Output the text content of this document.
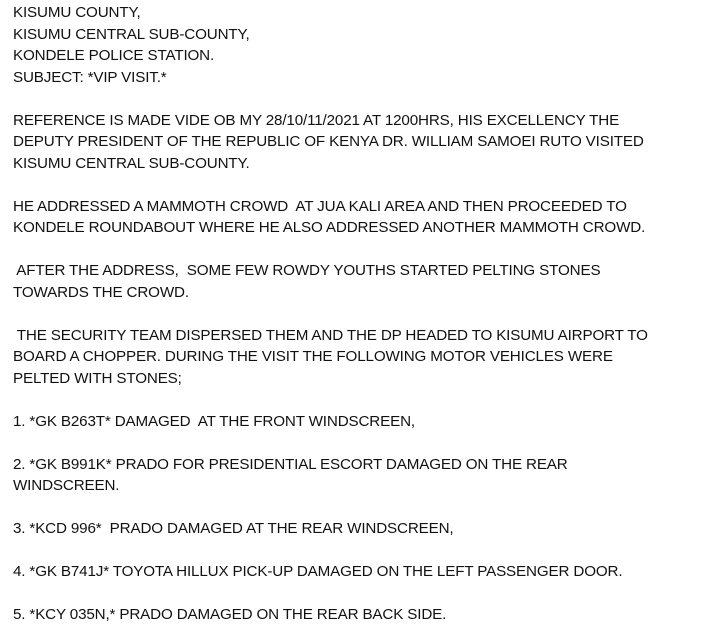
KISUMU COUNTY,
KISUMU CENTRAL SUB-COUNTY,
KONDELE POLICE STATION.
SUBJECT: *VIP VISIT.*
REFERENCE IS MADE VIDE OB MY 28/10/11/2021 AT 1200HRS, HIS EXCELLENCY THE
DEPUTY PRESIDENT OF THE REPUBLIC OF KENYA DR. WILLIAM SAMOEI RUTO VISITED
KISUMU CENTRAL SUB-COUNTY.
HE ADDRESSED A MAMMOTH CROWD  AT JUA KALI AREA AND THEN PROCEEDED TO
KONDELE ROUNDABOUT WHERE HE ALSO ADDRESSED ANOTHER MAMMOTH CROWD.
AFTER THE ADDRESS,  SOME FEW ROWDY YOUTHS STARTED PELTING STONES
TOWARDS THE CROWD.
THE SECURITY TEAM DISPERSED THEM AND THE DP HEADED TO KISUMU AIRPORT TO
BOARD A CHOPPER. DURING THE VISIT THE FOLLOWING MOTOR VEHICLES WERE
PELTED WITH STONES;
1. *GK B263T* DAMAGED  AT THE FRONT WINDSCREEN,
2. *GK B991K* PRADO FOR PRESIDENTIAL ESCORT DAMAGED ON THE REAR
WINDSCREEN.
3. *KCD 996*  PRADO DAMAGED AT THE REAR WINDSCREEN,
4. *GK B741J* TOYOTA HILLUX PICK-UP DAMAGED ON THE LEFT PASSENGER DOOR.
5. *KCY 035N,* PRADO DAMAGED ON THE REAR BACK SIDE.
